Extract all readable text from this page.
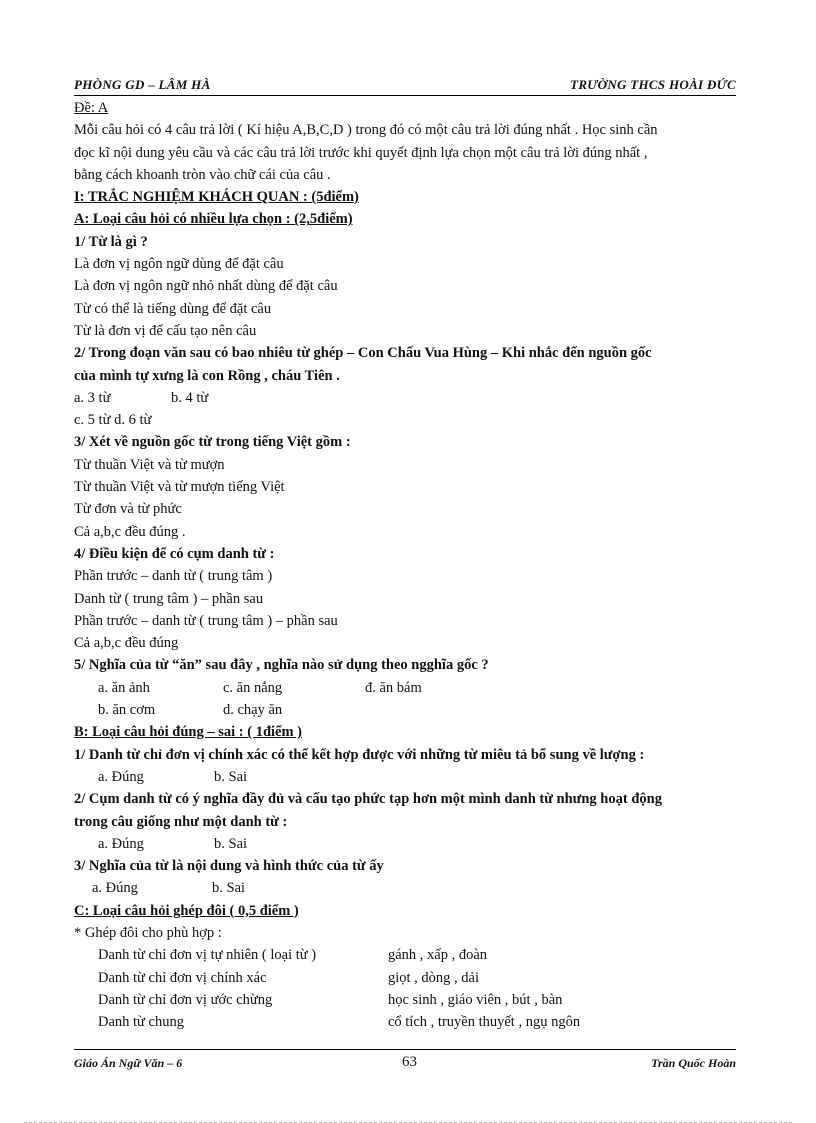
PHÒNG GD – LÂM HÀ	TRƯỜNG THCS HOÀI ĐỨC
Đề: A
Mỗi câu hỏi có 4 câu trả lời ( Kí hiệu A,B,C,D ) trong đó có một câu trả lời đúng nhất . Học sinh cần
đọc kĩ nội dung yêu cầu và các câu trả lời trước khi quyết định lựa chọn một câu trả lời đúng nhất ,
bằng cách khoanh tròn vào chữ cái của câu .
I: TRẮC NGHIỆM KHÁCH QUAN : (5điểm)
A: Loại câu hỏi có nhiều lựa chọn : (2,5điểm)
1/ Từ là gì ?
Là đơn vị ngôn ngữ dùng để đặt câu
Là đơn vị ngôn ngữ nhỏ nhất dùng để đặt câu
Từ có thể là tiếng dùng để đặt câu
Từ là đơn vị để cấu tạo nên câu
2/ Trong đoạn văn sau có bao nhiêu từ ghép – Con Chấu Vua Hùng – Khi nhắc đến nguồn gốc
của mình tự xưng là con Rồng , cháu Tiên .
a. 3 từ	b. 4 từ
c. 5 từ d. 6 từ
3/ Xét về nguồn gốc từ trong tiếng Việt gồm :
Từ thuần Việt và từ mượn
Từ thuần Việt và từ mượn tiếng Việt
Từ đơn và từ phức
Cả a,b,c đều đúng .
4/ Điều kiện để có cụm danh từ :
Phần trước – danh từ ( trung tâm )
Danh từ ( trung tâm ) – phần sau
Phần trước – danh từ ( trung tâm ) – phần sau
Cả a,b,c đều đúng
5/ Nghĩa của từ “ăn” sau đây , nghĩa nào sử dụng theo ngghĩa gốc ?
a. ăn ảnh	c. ăn nắng	đ. ăn bám
b. ăn cơm	d. chạy ăn
B: Loại câu hỏi đúng – sai : ( 1điểm )
1/ Danh từ chỉ đơn vị chính xác có thể kết hợp được với những từ miêu tả bổ sung về lượng :
a. Đúng	b. Sai
2/ Cụm danh từ có ý nghĩa đầy đủ và cấu tạo phức tạp hơn một mình danh từ nhưng hoạt động
trong câu giống như một danh từ :
a. Đúng	b. Sai
3/ Nghĩa của từ là nội dung và hình thức của từ ấy
a. Đúng	b. Sai
C: Loại câu hỏi ghép đôi ( 0,5 điểm )
* Ghép đôi cho phù hợp :
Danh từ chỉ đơn vị tự nhiên ( loại từ )	gánh , xấp , đoàn
Danh từ chỉ đơn vị chính xác	giọt , dòng , dải
Danh từ chỉ đơn vị ước chừng	học sinh , giáo viên , bút , bàn
Danh từ chung	cổ tích , truyền thuyết , ngụ ngôn
Giáo Án Ngữ Văn – 6	63	Trần Quốc Hoàn
